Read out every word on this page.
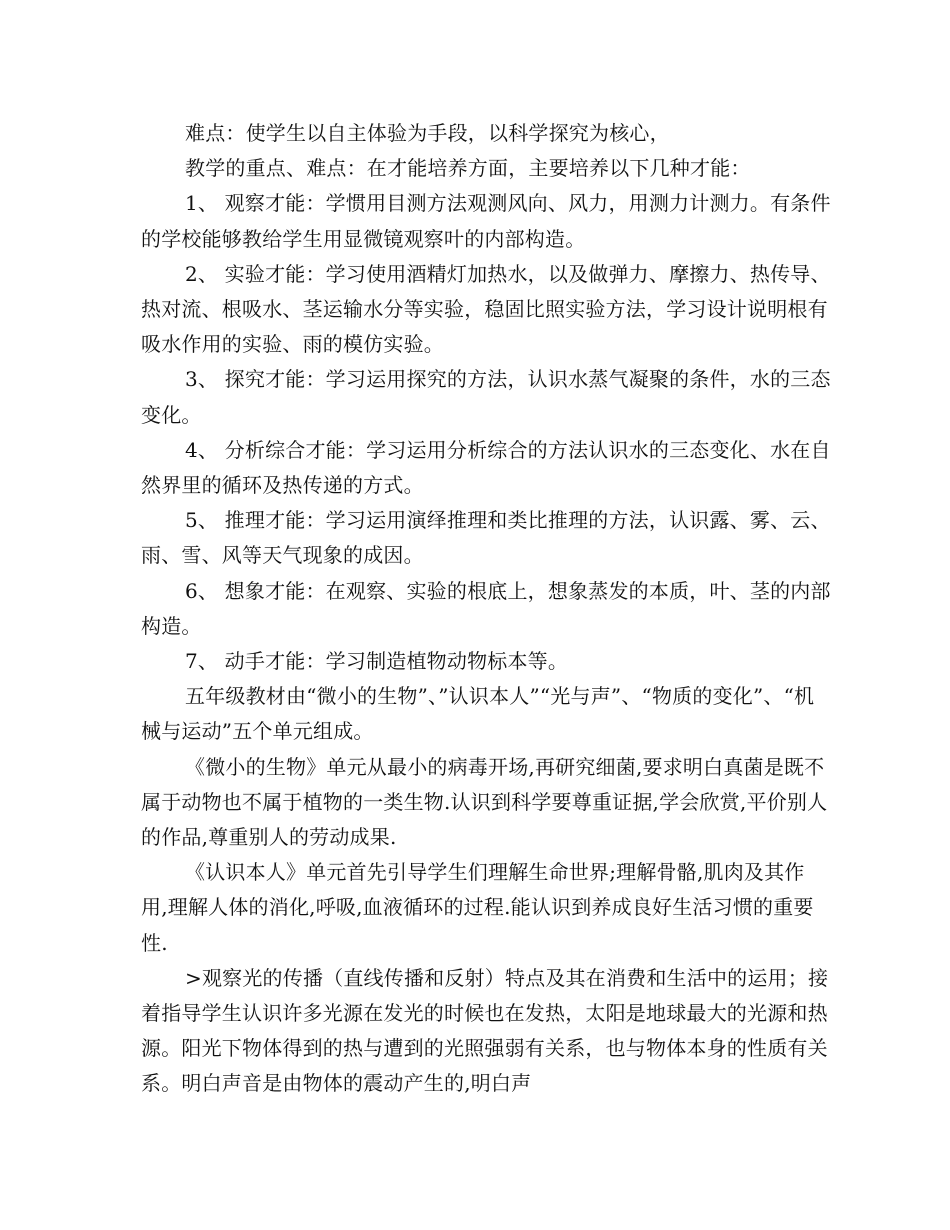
难点：使学生以自主体验为手段，以科学探究为核心，

教学的重点、难点：在才能培养方面，主要培养以下几种才能：

1、 观察才能：学惯用目测方法观测风向、风力，用测力计测力。有条件的学校能够教给学生用显微镜观察叶的内部构造。

2、 实验才能：学习使用酒精灯加热水，以及做弹力、摩擦力、热传导、热对流、根吸水、茎运输水分等实验，稳固比照实验方法，学习设计说明根有吸水作用的实验、雨的模仿实验。

3、 探究才能：学习运用探究的方法，认识水蒸气凝聚的条件，水的三态变化。

4、 分析综合才能：学习运用分析综合的方法认识水的三态变化、水在自然界里的循环及热传递的方式。

5、 推理才能：学习运用演绎推理和类比推理的方法，认识露、雾、云、雨、雪、风等天气现象的成因。

6、 想象才能：在观察、实验的根底上，想象蒸发的本质，叶、茎的内部构造。

7、 动手才能：学习制造植物动物标本等。

五年级教材由“微小的生物”、”认识本人”“光与声”、“物质的变化”、“机械与运动”五个单元组成。

《微小的生物》单元从最小的病毒开场,再研究细菌,要求明白真菌是既不属于动物也不属于植物的一类生物.认识到科学要尊重证据,学会欣赏,平价别人的作品,尊重别人的劳动成果.

《认识本人》单元首先引导学生们理解生命世界;理解骨骼,肌肉及其作用,理解人体的消化,呼吸,血液循环的过程.能认识到养成良好生活习惯的重要性.

>观察光的传播（直线传播和反射）特点及其在消费和生活中的运用；接着指导学生认识许多光源在发光的时候也在发热，太阳是地球最大的光源和热源。阳光下物体得到的热与遭到的光照强弱有关系，也与物体本身的性质有关系。明白声音是由物体的震动产生的,明白声
